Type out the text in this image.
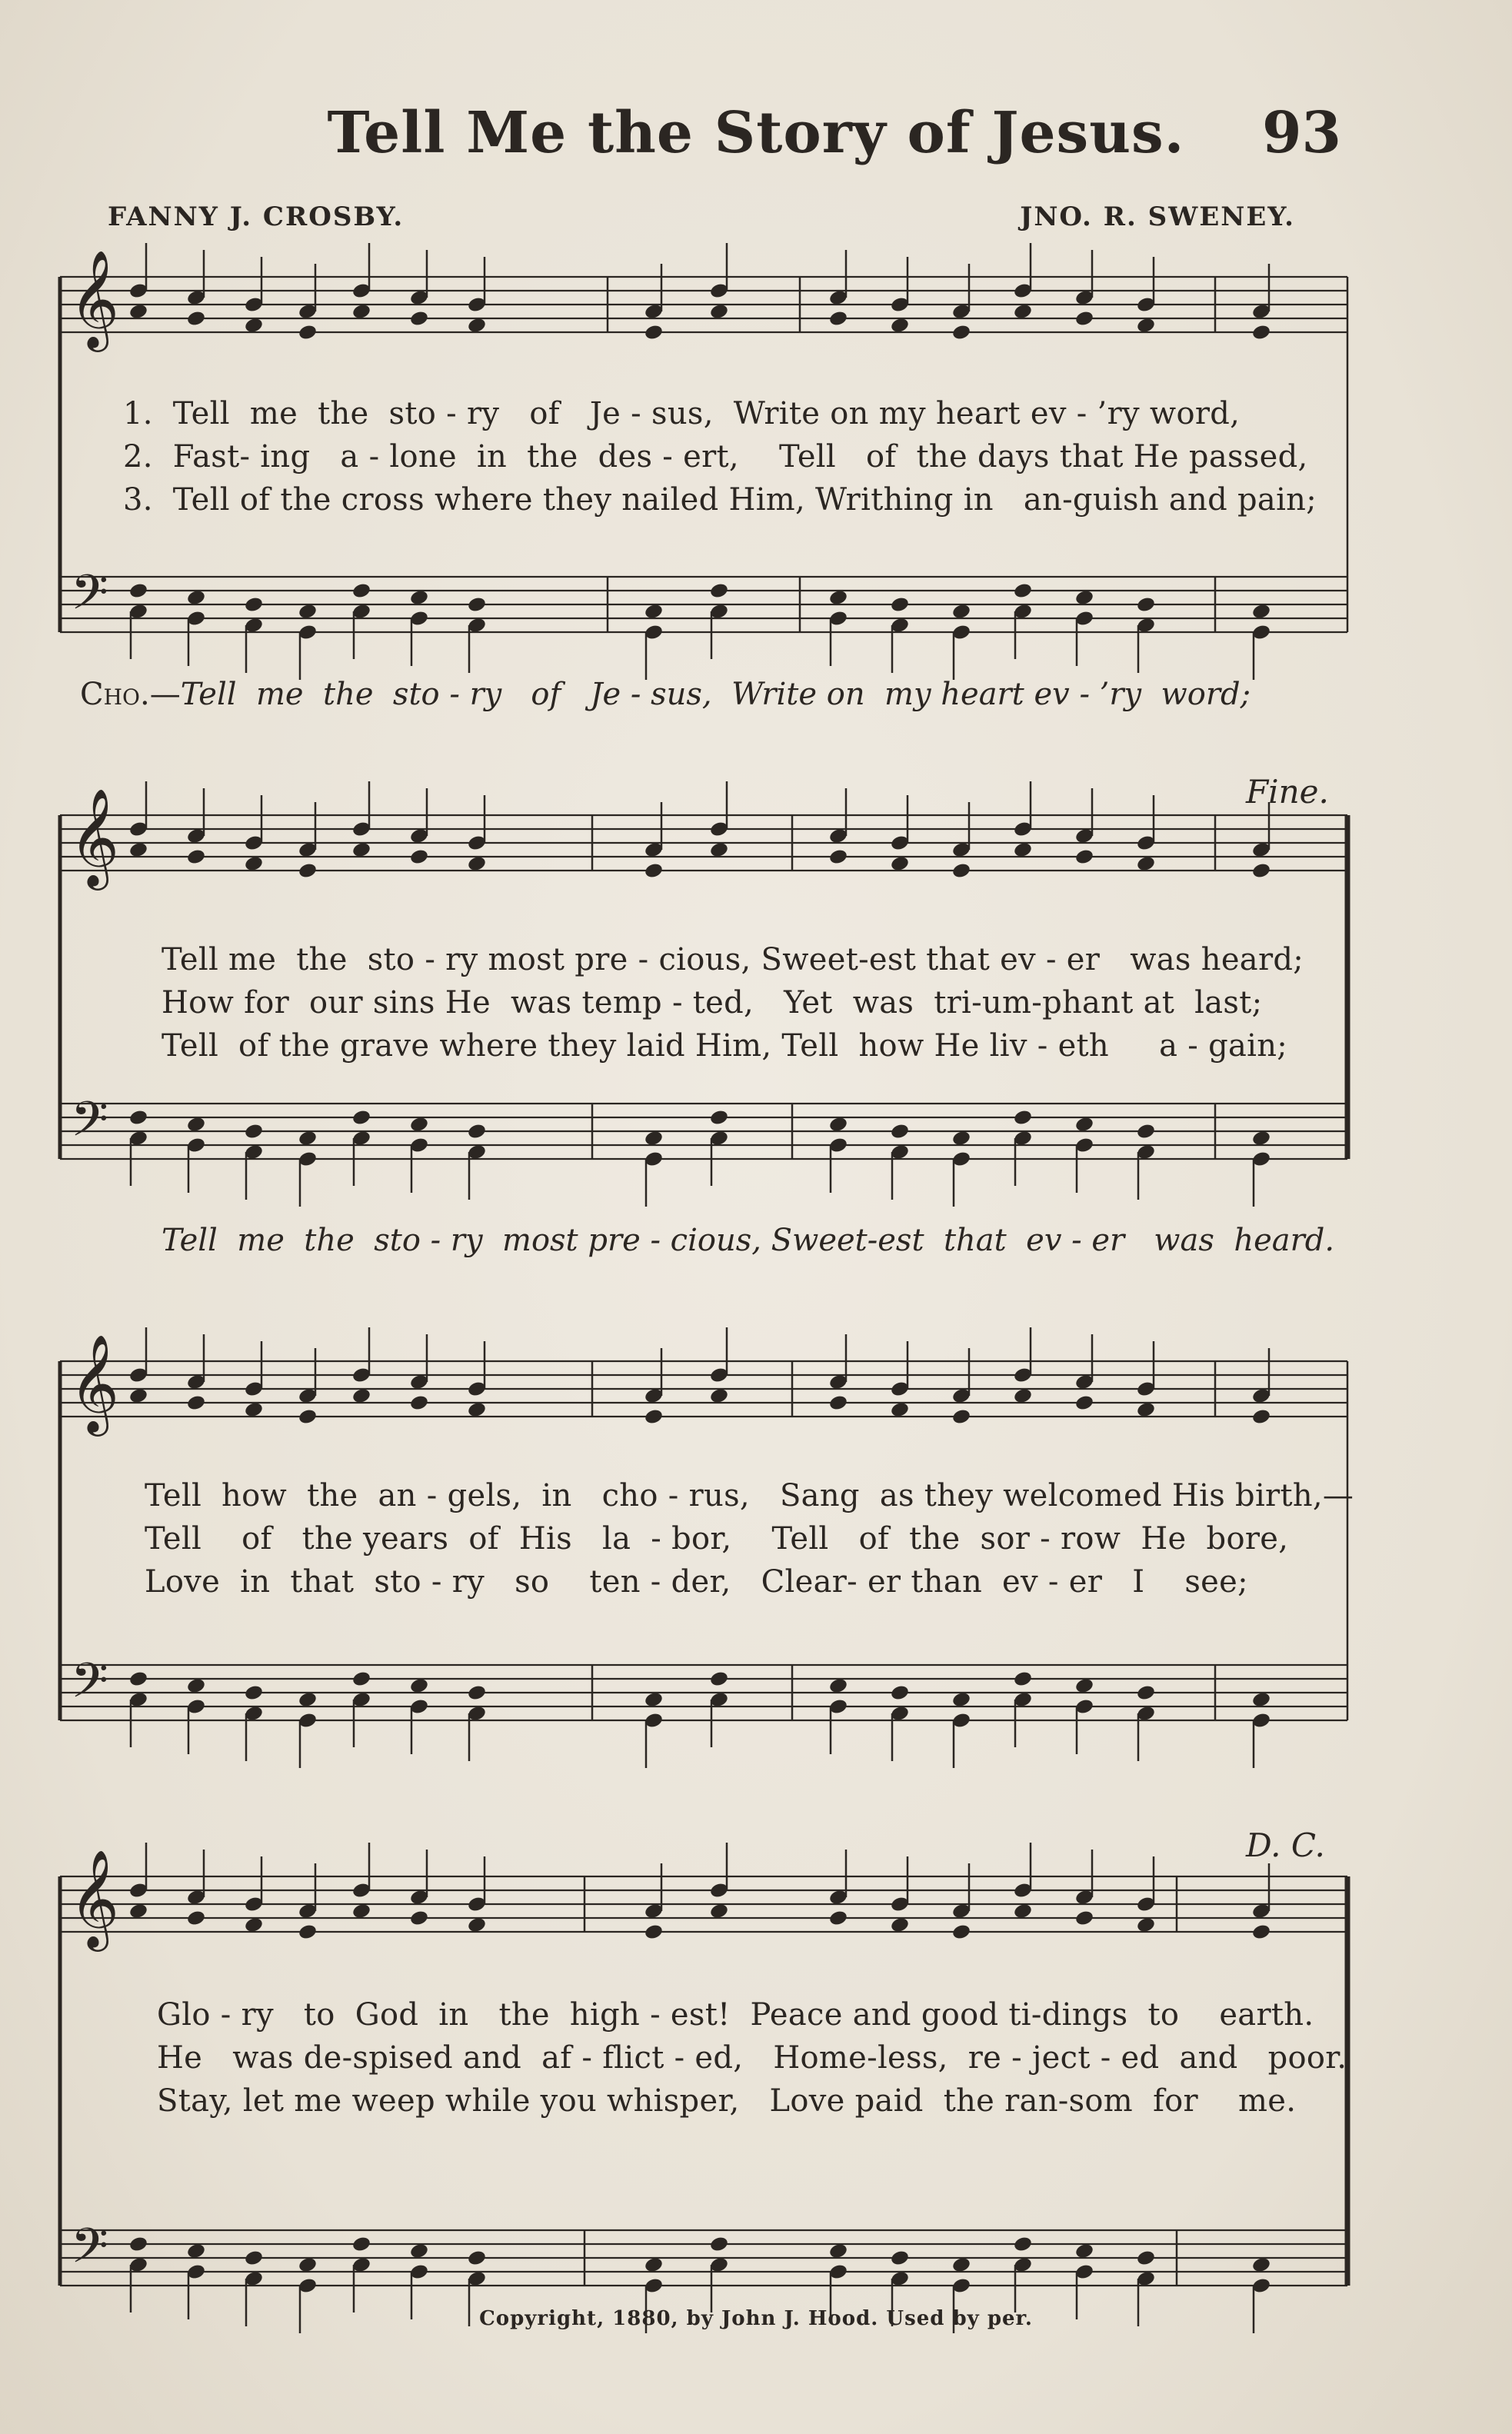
Tell Me the Story of Jesus.	93
FANNY J. CROSBY.	JNO. R. SWENEY.
𝄞
𝄢
𝄞
𝄢
𝄞
𝄢
𝄞
𝄢
1.  Tell  me  the  sto - ry   of   Je - sus,  Write on my heart ev - ’ry word,
2.  Fast- ing   a - lone  in  the  des - ert,    Tell   of  the days that He passed,
3.  Tell of the cross where they nailed Him, Writhing in   an-guish and pain;
Cho.—Tell  me  the  sto - ry   of   Je - sus,  Write on  my heart ev - ’ry  word;
Fine.
Tell me  the  sto - ry most pre - cious, Sweet-est that ev - er   was heard;
How for  our sins He  was temp - ted,   Yet  was  tri-um-phant at  last;
Tell  of the grave where they laid Him, Tell  how He liv - eth     a - gain;
Tell  me  the  sto - ry  most pre - cious, Sweet-est  that  ev - er   was  heard.
Tell  how  the  an - gels,  in   cho - rus,   Sang  as they welcomed His birth,—
Tell    of   the years  of  His   la  - bor,    Tell   of  the  sor - row  He  bore,
Love  in  that  sto - ry   so    ten - der,   Clear- er than  ev - er   I    see;
D. C.
Glo - ry   to  God  in   the  high - est!  Peace and good ti-dings  to    earth.
He   was de-spised and  af - flict - ed,   Home-less,  re - ject - ed  and   poor.
Stay, let me weep while you whisper,   Love paid  the ran-som  for    me.
Copyright, 1880, by John J. Hood. Used by per.
